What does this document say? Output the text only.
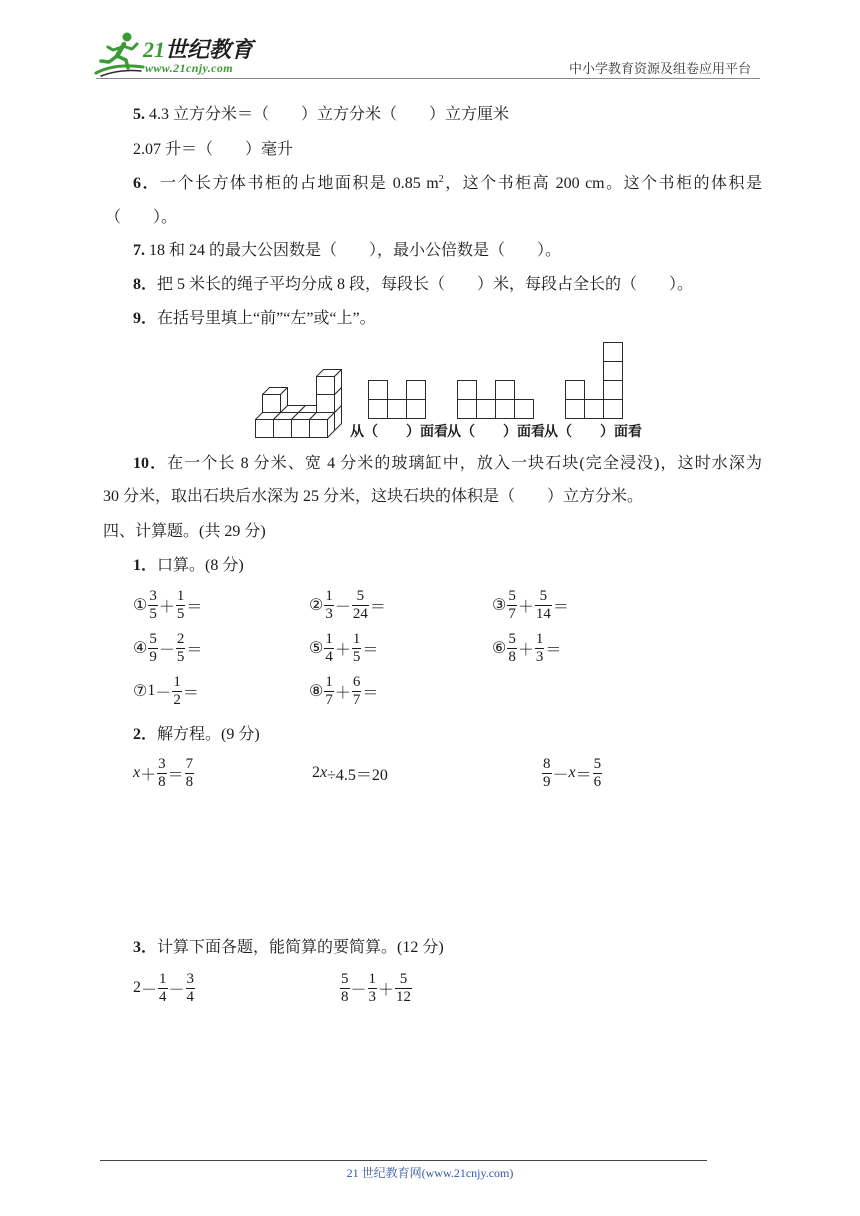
21世纪教育
www.21cnjy.com	中小学教育资源及组卷应用平台
5. 4.3 立方分米＝（　　）立方分米（　　）立方厘米
2.07 升＝（　　）毫升
6．一个长方体书柜的占地面积是 0.85 $m^2$，这个书柜高 200 cm。这个书柜的体积是
（　　）。
7. 18 和 24 的最大公因数是（　　），最小公倍数是（　　）。
8．把 5 米长的绳子平均分成 8 段，每段长（　　）米，每段占全长的（　　）。
9．在括号里填上“前”“左”或“上”。
从（　　）面看 从（　　）面看 从（　　）面看
10．在一个长 8 分米、宽 4 分米的玻璃缸中，放入一块石块(完全浸没)，这时水深为
30 分米，取出石块后水深为 25 分米，这块石块的体积是（　　）立方分米。
四、计算题。(共 29 分)
1．口算。(8 分)
① $\frac{3}{5} + \frac{1}{5}$ ＝	② $\frac{1}{3} - \frac{5}{24}$ ＝	③ $\frac{5}{7} + \frac{5}{14}$ ＝
④ $\frac{5}{9} - \frac{2}{5}$ ＝	⑤ $\frac{1}{4} + \frac{1}{5}$ ＝	⑥ $\frac{5}{8} + \frac{1}{3}$ ＝
⑦ $1 - \frac{1}{2}$ ＝	⑧ $\frac{1}{7} + \frac{6}{7}$ ＝
2．解方程。(9 分)
$x + \frac{3}{8} = \frac{7}{8}$	2 x ÷4.5＝20	$\frac{8}{9} - x = \frac{5}{6}$
3．计算下面各题，能简算的要简算。(12 分)
$2 - \frac{1}{4} - \frac{3}{4}$	$\frac{5}{8} - \frac{1}{3} + \frac{5}{12}$
21 世纪教育网(www.21cnjy.com)
